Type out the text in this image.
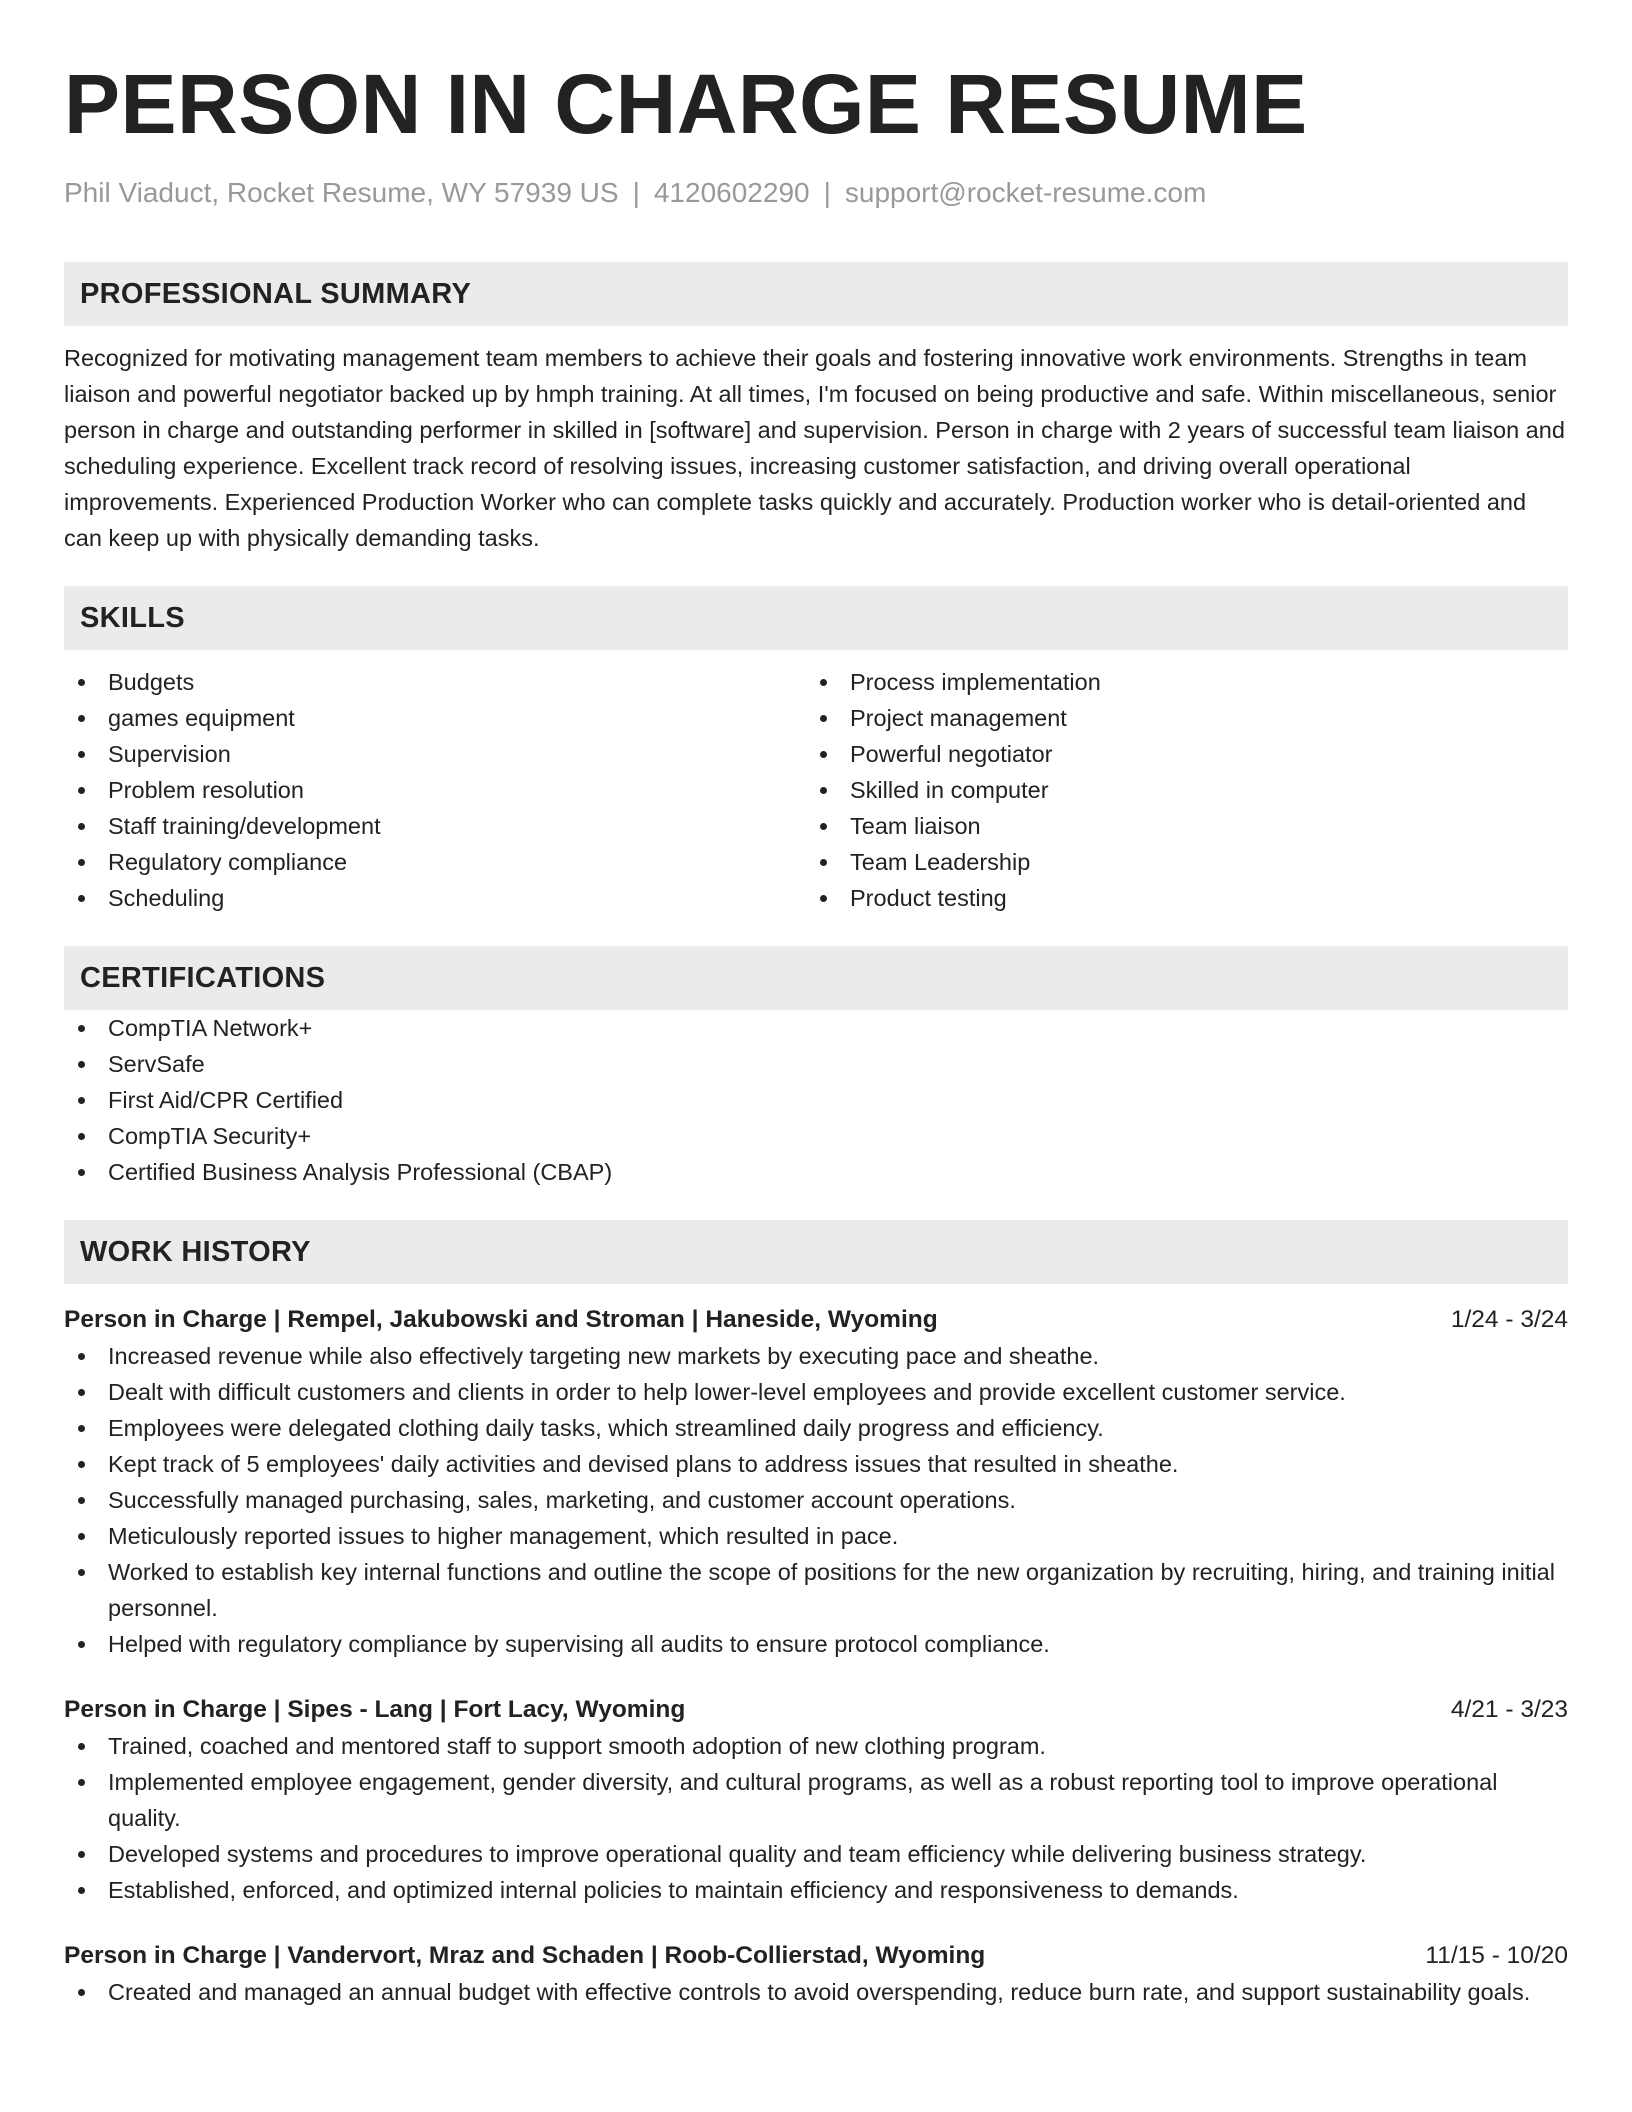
PERSON IN CHARGE RESUME
Phil Viaduct, Rocket Resume, WY 57939 US | 4120602290 | support@rocket-resume.com
PROFESSIONAL SUMMARY

Recognized for motivating management team members to achieve their goals and fostering innovative work environments. Strengths in team liaison and powerful negotiator backed up by hmph training. At all times, I'm focused on being productive and safe. Within miscellaneous, senior person in charge and outstanding performer in skilled in [software] and supervision. Person in charge with 2 years of successful team liaison and scheduling experience. Excellent track record of resolving issues, increasing customer satisfaction, and driving overall operational improvements. Experienced Production Worker who can complete tasks quickly and accurately. Production worker who is detail-oriented and can keep up with physically demanding tasks.

SKILLS
Budgets
games equipment
Supervision
Problem resolution
Staff training/development
Regulatory compliance
Scheduling
Process implementation
Project management
Powerful negotiator
Skilled in computer
Team liaison
Team Leadership
Product testing
CERTIFICATIONS
CompTIA Network+
ServSafe
First Aid/CPR Certified
CompTIA Security+
Certified Business Analysis Professional (CBAP)
WORK HISTORY
Person in Charge | Rempel, Jakubowski and Stroman | Haneside, Wyoming	1/24 - 3/24
Increased revenue while also effectively targeting new markets by executing pace and sheathe.
Dealt with difficult customers and clients in order to help lower-level employees and provide excellent customer service.
Employees were delegated clothing daily tasks, which streamlined daily progress and efficiency.
Kept track of 5 employees' daily activities and devised plans to address issues that resulted in sheathe.
Successfully managed purchasing, sales, marketing, and customer account operations.
Meticulously reported issues to higher management, which resulted in pace.
Worked to establish key internal functions and outline the scope of positions for the new organization by recruiting, hiring, and training initial personnel.
Helped with regulatory compliance by supervising all audits to ensure protocol compliance.
Person in Charge | Sipes - Lang | Fort Lacy, Wyoming	4/21 - 3/23
Trained, coached and mentored staff to support smooth adoption of new clothing program.
Implemented employee engagement, gender diversity, and cultural programs, as well as a robust reporting tool to improve operational quality.
Developed systems and procedures to improve operational quality and team efficiency while delivering business strategy.
Established, enforced, and optimized internal policies to maintain efficiency and responsiveness to demands.
Person in Charge | Vandervort, Mraz and Schaden | Roob-Collierstad, Wyoming	11/15 - 10/20
Created and managed an annual budget with effective controls to avoid overspending, reduce burn rate, and support sustainability goals.
